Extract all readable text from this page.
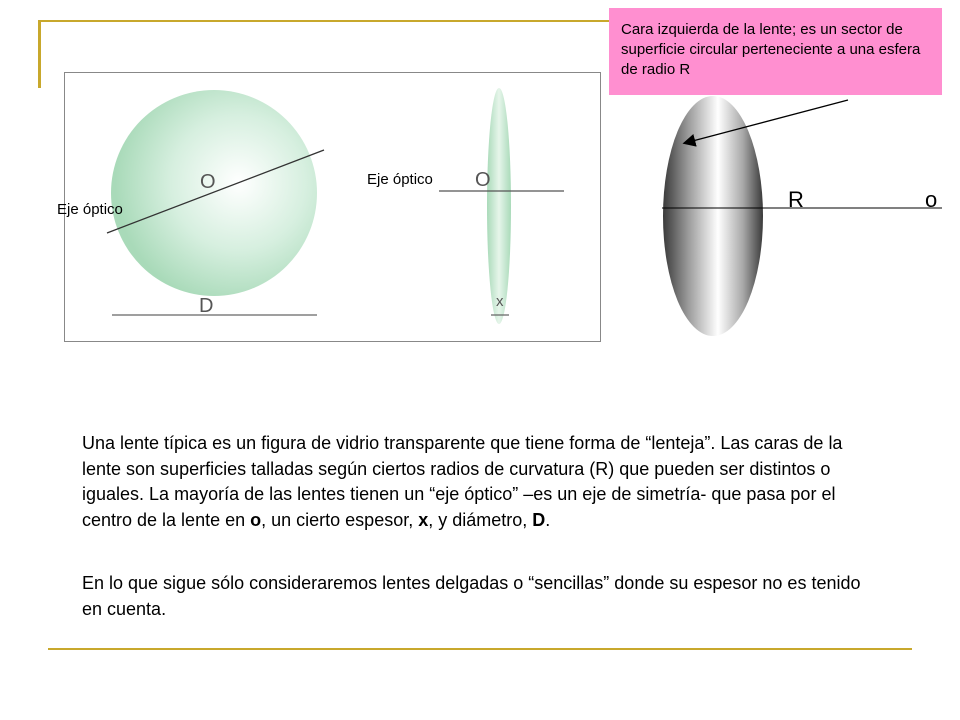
O
D
O
x
Eje óptico
Eje óptico
R	o
Cara izquierda de la lente; es un sector de superficie circular perteneciente a una esfera de radio R
Una lente típica es un figura de vidrio transparente que tiene forma de “lenteja”. Las caras de la lente son superficies talladas según ciertos radios de curvatura (R) que pueden ser distintos o iguales. La mayoría de las lentes tienen un “eje óptico” –es un eje de simetría- que pasa por el centro de la lente en o, un cierto espesor, x, y diámetro, D.
En lo que sigue sólo consideraremos lentes delgadas o “sencillas” donde su espesor no es tenido en cuenta.
